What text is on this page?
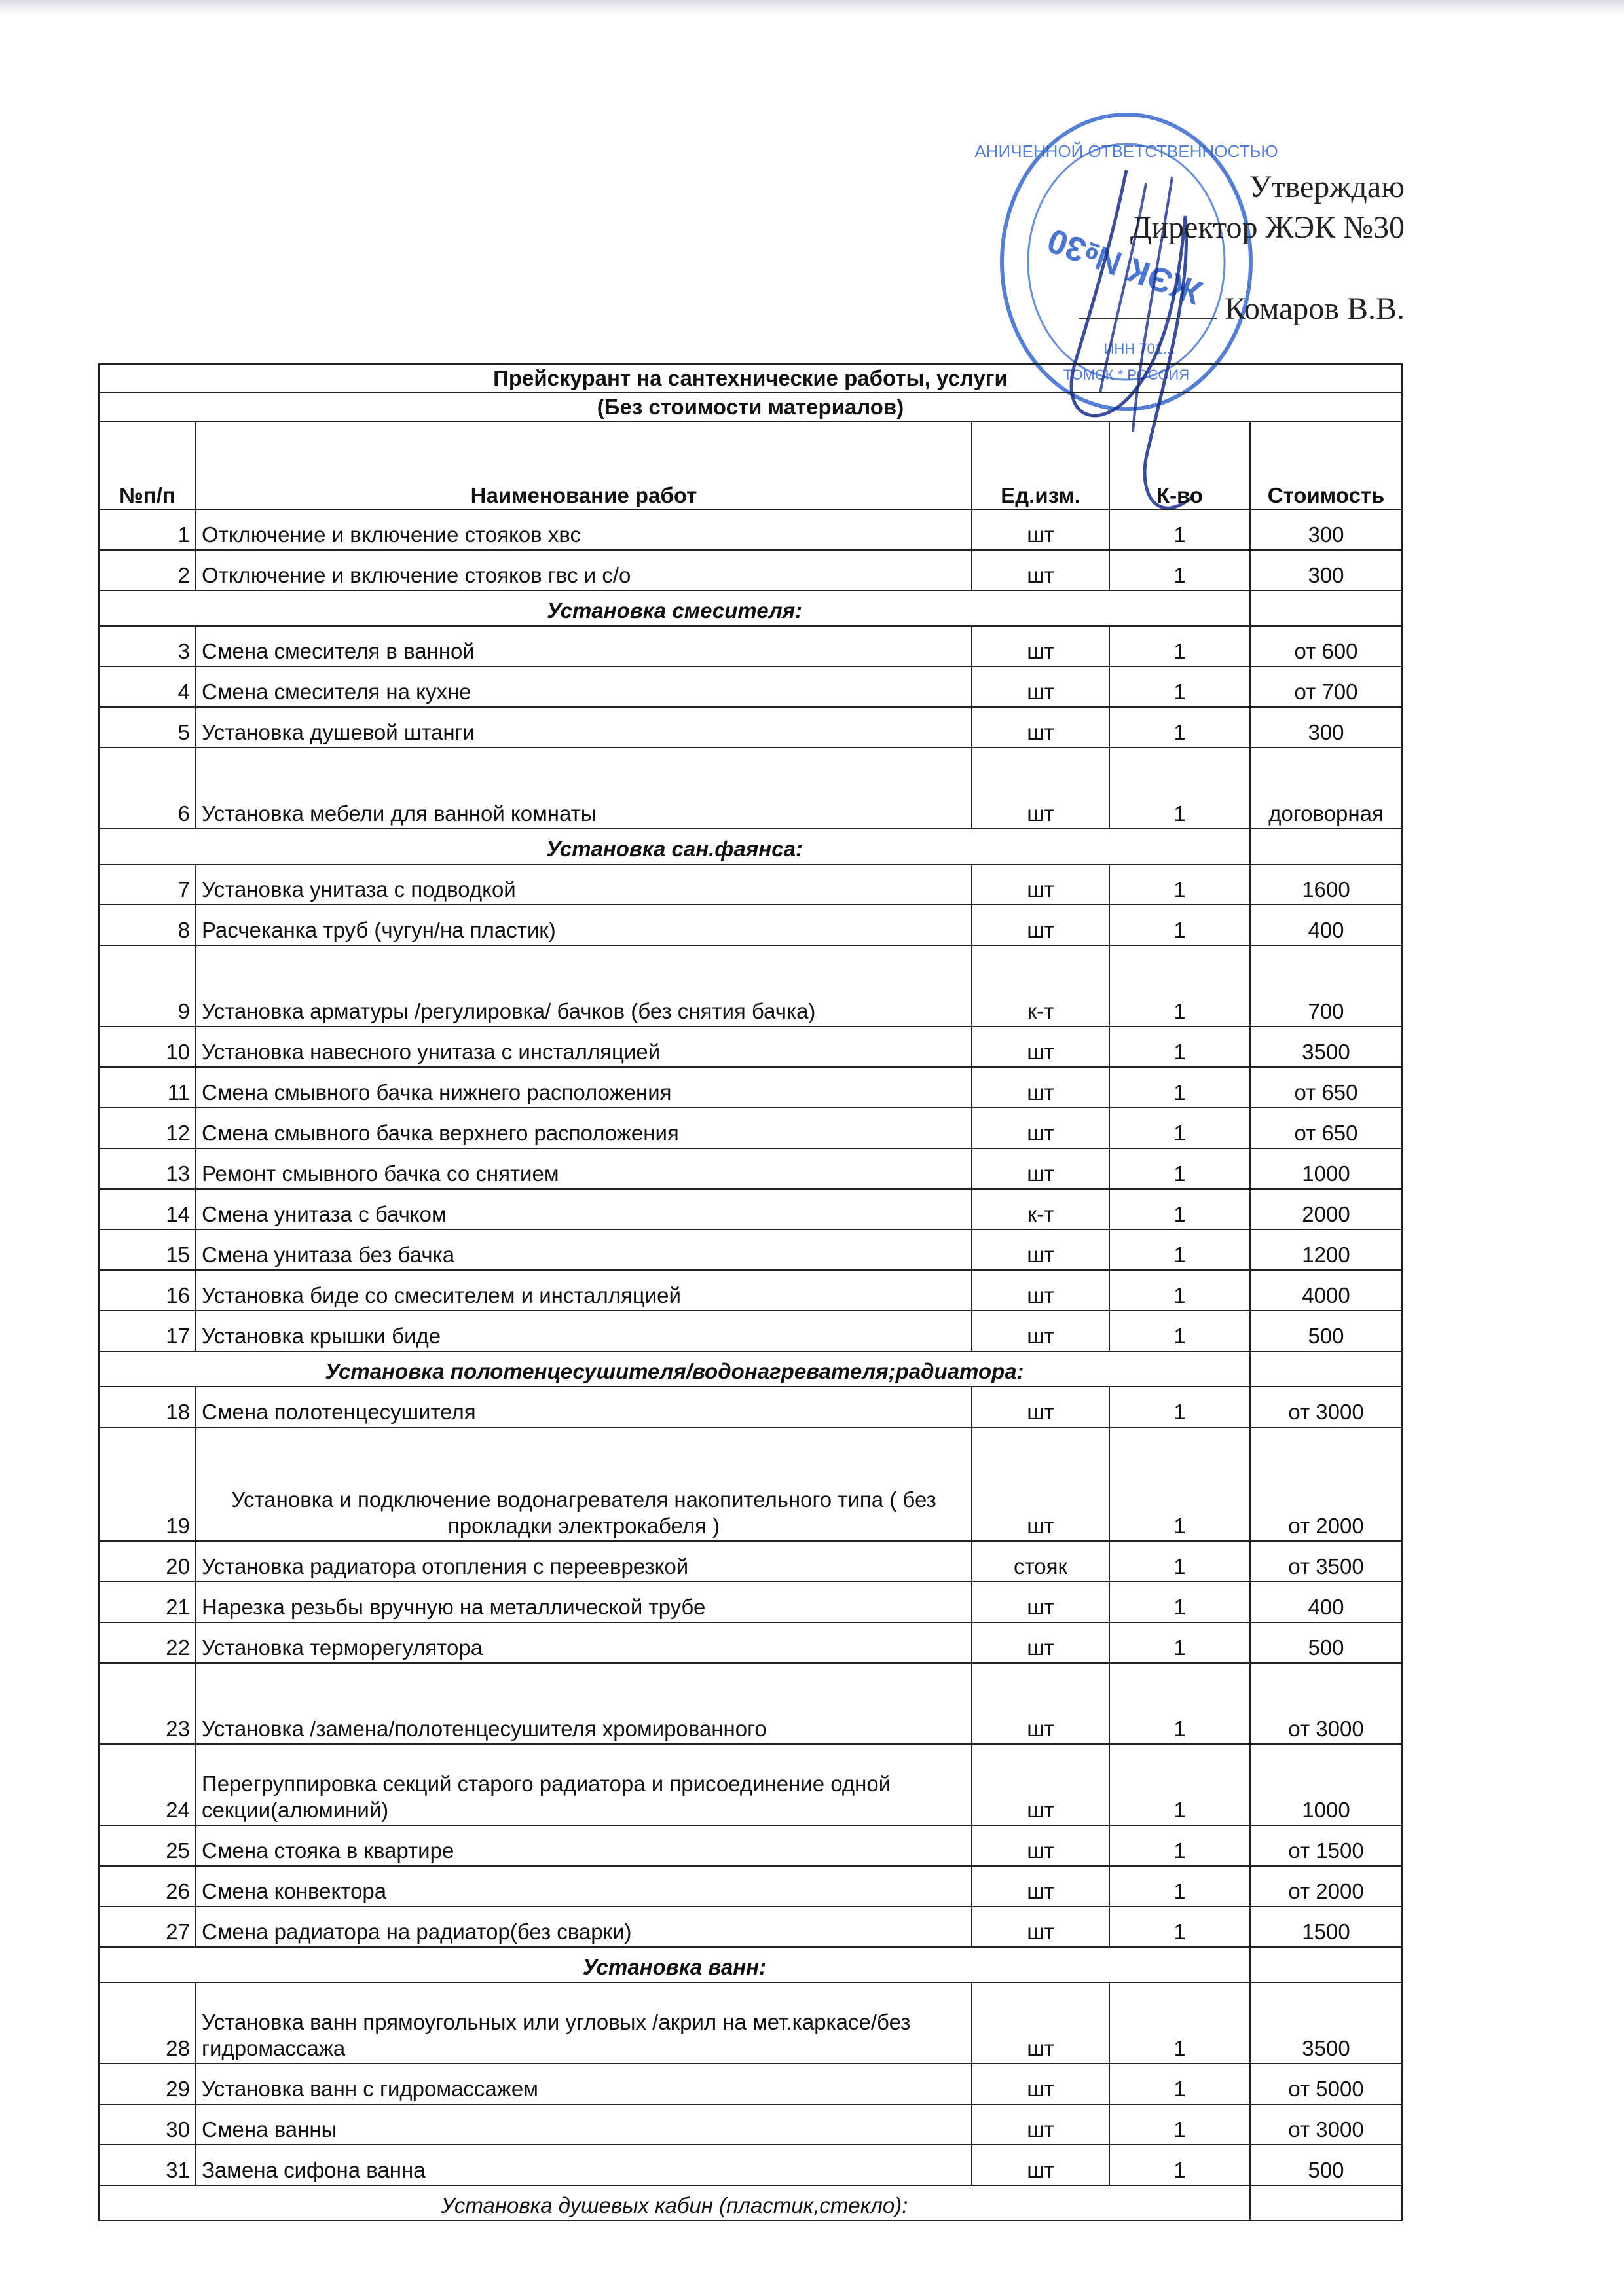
АНИЧЕННОЙ ОТВЕТСТВЕННОСТЬЮ
ТОМСК * РОССИЯ
ИНН 701...
ЖЭК №30
Утверждаю
Директор ЖЭК №30
Комаров В.В.
Прейскурант на сантехнические работы, услуги				
(Без стоимости материалов)				
№п/п	Наименование работ	Ед.изм.	К-во	Стоимость
1	Отключение и включение стояков хвс	шт	1	300
2	Отключение и включение стояков гвс и с/о	шт	1	300
Установка смесителя:				
3	Смена смесителя в ванной	шт	1	от 600
4	Смена смесителя на кухне	шт	1	от 700
5	Установка душевой штанги	шт	1	300
6	Установка мебели для ванной комнаты	шт	1	договорная
Установка сан.фаянса:				
7	Установка унитаза с подводкой	шт	1	1600
8	Расчеканка труб (чугун/на пластик)	шт	1	400
9	Установка арматуры /регулировка/ бачков (без снятия бачка)	к-т	1	700
10	Установка навесного унитаза с инсталляцией	шт	1	3500
11	Смена смывного бачка нижнего расположения	шт	1	от 650
12	Смена смывного бачка верхнего расположения	шт	1	от 650
13	Ремонт смывного бачка со снятием	шт	1	1000
14	Смена унитаза с бачком	к-т	1	2000
15	Смена унитаза без бачка	шт	1	1200
16	Установка биде со смесителем и инсталляцией	шт	1	4000
17	Установка крышки биде	шт	1	500
Установка полотенцесушителя/водонагревателя;радиатора:				
18	Смена полотенцесушителя	шт	1	от 3000
19	Установка и подключение водонагревателя накопительного типа ( без прокладки электрокабеля )	шт	1	от 2000
20	Установка радиатора отопления с перееврезкой	стояк	1	от 3500
21	Нарезка резьбы вручную на металлической трубе	шт	1	400
22	Установка терморегулятора	шт	1	500
23	Установка /замена/полотенцесушителя хромированного	шт	1	от 3000
24	Перегруппировка секций старого радиатора и присоединение одной секции(алюминий)	шт	1	1000
25	Смена стояка в квартире	шт	1	от 1500
26	Смена конвектора	шт	1	от 2000
27	Смена радиатора на радиатор(без сварки)	шт	1	1500
Установка ванн:				
28	Установка ванн прямоугольных или угловых /акрил на мет.каркасе/без гидромассажа	шт	1	3500
29	Установка ванн с гидромассажем	шт	1	от 5000
30	Смена ванны	шт	1	от 3000
31	Замена сифона ванна	шт	1	500
Установка душевых кабин (пластик,стекло):				
